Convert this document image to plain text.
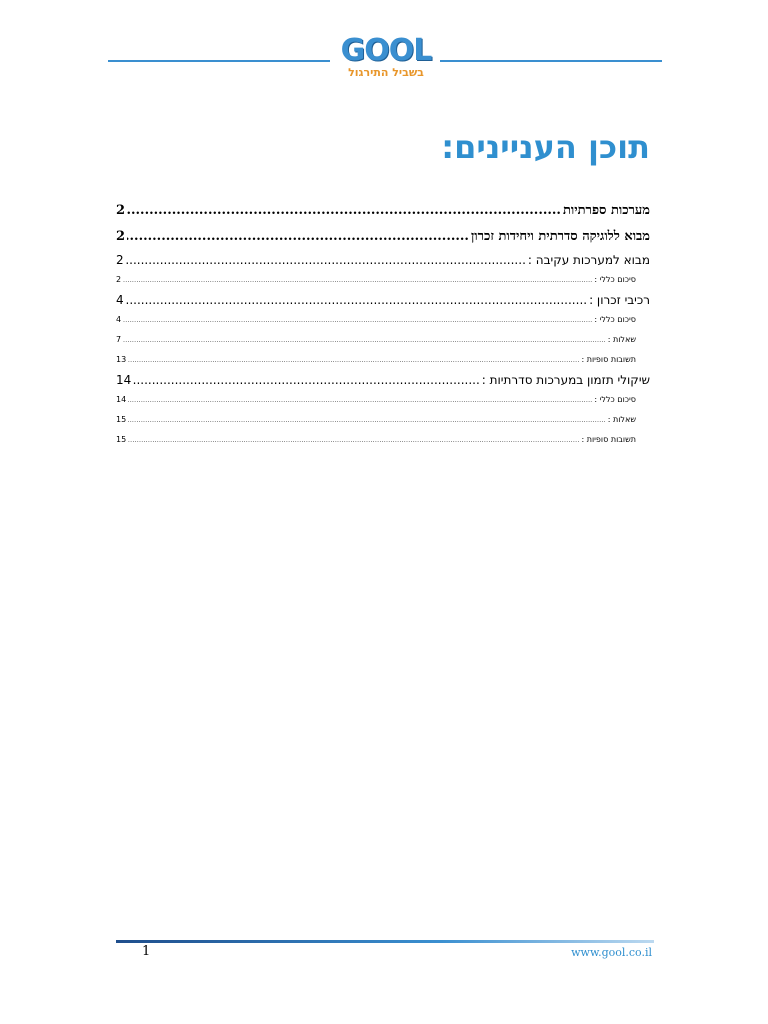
GOOL
בשביל התירגול
תוכן העניינים:
מערכות ספרתיות
.....
2
מבוא ללוגיקה סדרתית ויחידות זכרון
.....
2
מבוא למערכות עקיבה :
.....
2
סיכום כללי :
.....
2
רכיבי זכרון :
.....
4
סיכום כללי :
.....
4
שאלות :
.....
7
תשובות סופיות :
.....
13
שיקולי תזמון במערכות סדרתיות :
.....
14
סיכום כללי :
.....
14
שאלות :
.....
15
תשובות סופיות :
.....
15
1	www.gool.co.il
